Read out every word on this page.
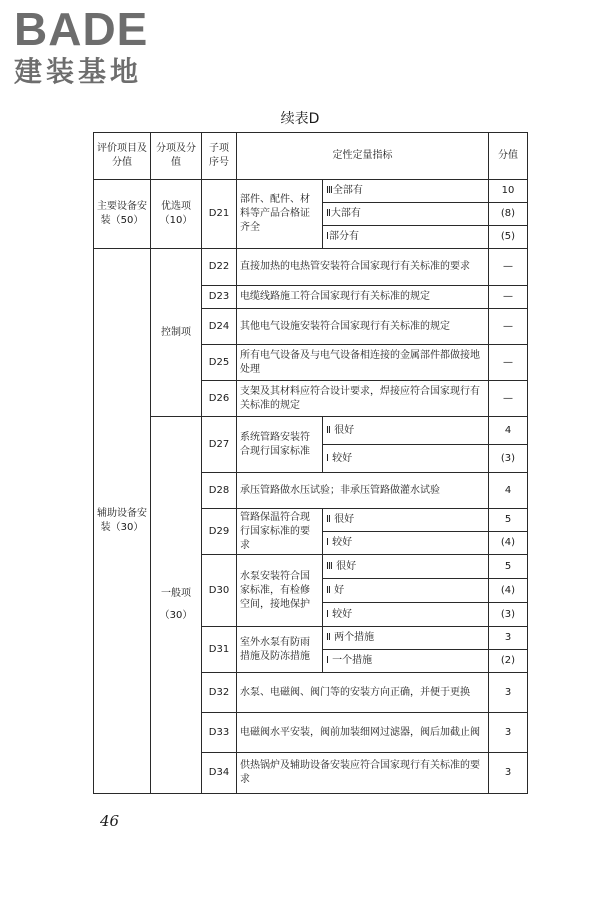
BADE
建装基地
续表D
评价项目及分值	分项及分值	子项序号	定性定量指标		分值
主要设备安装（50）	优选项（10）	D21	部件、配件、材料等产品合格证齐全	Ⅲ全部有	10
				Ⅱ大部有	(8)
				Ⅰ部分有	(5)
辅助设备安装（30）	控制项	D22	直接加热的电热管安装符合国家现行有关标准的要求		—
		D23	电缆线路施工符合国家现行有关标准的规定		—
		D24	其他电气设施安装符合国家现行有关标准的规定		—
		D25	所有电气设备及与电气设备相连接的金属部件都做接地处理		—
		D26	支架及其材料应符合设计要求，焊接应符合国家现行有关标准的规定		—
	一般项（30）	D27	系统管路安装符合现行国家标准	Ⅱ 很好	4
				Ⅰ 较好	(3)
		D28	承压管路做水压试验；非承压管路做灌水试验		4
		D29	管路保温符合现行国家标准的要求	Ⅱ 很好	5
				Ⅰ 较好	(4)
		D30	水泵安装符合国家标准，有检修空间，接地保护	Ⅲ 很好	5
				Ⅱ 好	(4)
				Ⅰ 较好	(3)
		D31	室外水泵有防雨措施及防冻措施	Ⅱ 两个措施	3
				Ⅰ 一个措施	(2)
		D32	水泵、电磁阀、阀门等的安装方向正确，并便于更换		3
		D33	电磁阀水平安装，阀前加装细网过滤器，阀后加截止阀		3
		D34	供热锅炉及辅助设备安装应符合国家现行有关标准的要求		3
46
